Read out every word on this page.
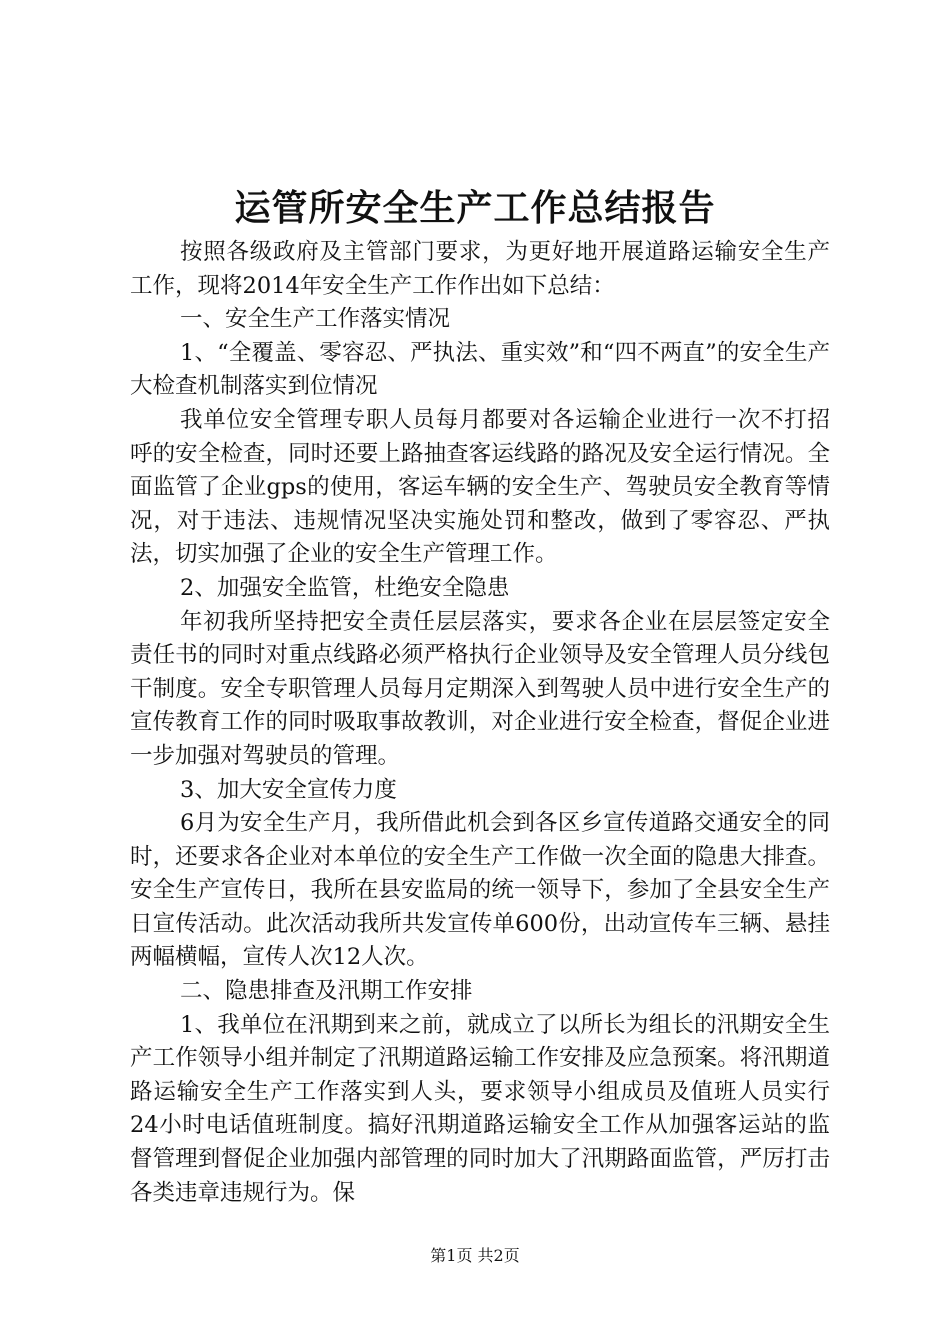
运管所安全生产工作总结报告

按照各级政府及主管部门要求，为更好地开展道路运输安全生产工作，现将2014年安全生产工作作出如下总结：

一、安全生产工作落实情况

1、“全覆盖、零容忍、严执法、重实效”和“四不两直”的安全生产大检查机制落实到位情况

我单位安全管理专职人员每月都要对各运输企业进行一次不打招呼的安全检查，同时还要上路抽查客运线路的路况及安全运行情况。全面监管了企业gps的使用，客运车辆的安全生产、驾驶员安全教育等情况，对于违法、违规情况坚决实施处罚和整改，做到了零容忍、严执法，切实加强了企业的安全生产管理工作。

2、加强安全监管，杜绝安全隐患

年初我所坚持把安全责任层层落实，要求各企业在层层签定安全责任书的同时对重点线路必须严格执行企业领导及安全管理人员分线包干制度。安全专职管理人员每月定期深入到驾驶人员中进行安全生产的宣传教育工作的同时吸取事故教训，对企业进行安全检查，督促企业进一步加强对驾驶员的管理。

3、加大安全宣传力度

6月为安全生产月，我所借此机会到各区乡宣传道路交通安全的同时，还要求各企业对本单位的安全生产工作做一次全面的隐患大排查。安全生产宣传日，我所在县安监局的统一领导下，参加了全县安全生产日宣传活动。此次活动我所共发宣传单600份，出动宣传车三辆、悬挂两幅横幅，宣传人次12人次。

二、隐患排查及汛期工作安排

1、我单位在汛期到来之前，就成立了以所长为组长的汛期安全生产工作领导小组并制定了汛期道路运输工作安排及应急预案。将汛期道路运输安全生产工作落实到人头，要求领导小组成员及值班人员实行24小时电话值班制度。搞好汛期道路运输安全工作从加强客运站的监督管理到督促企业加强内部管理的同时加大了汛期路面监管，严厉打击各类违章违规行为。保

第1页 共2页
